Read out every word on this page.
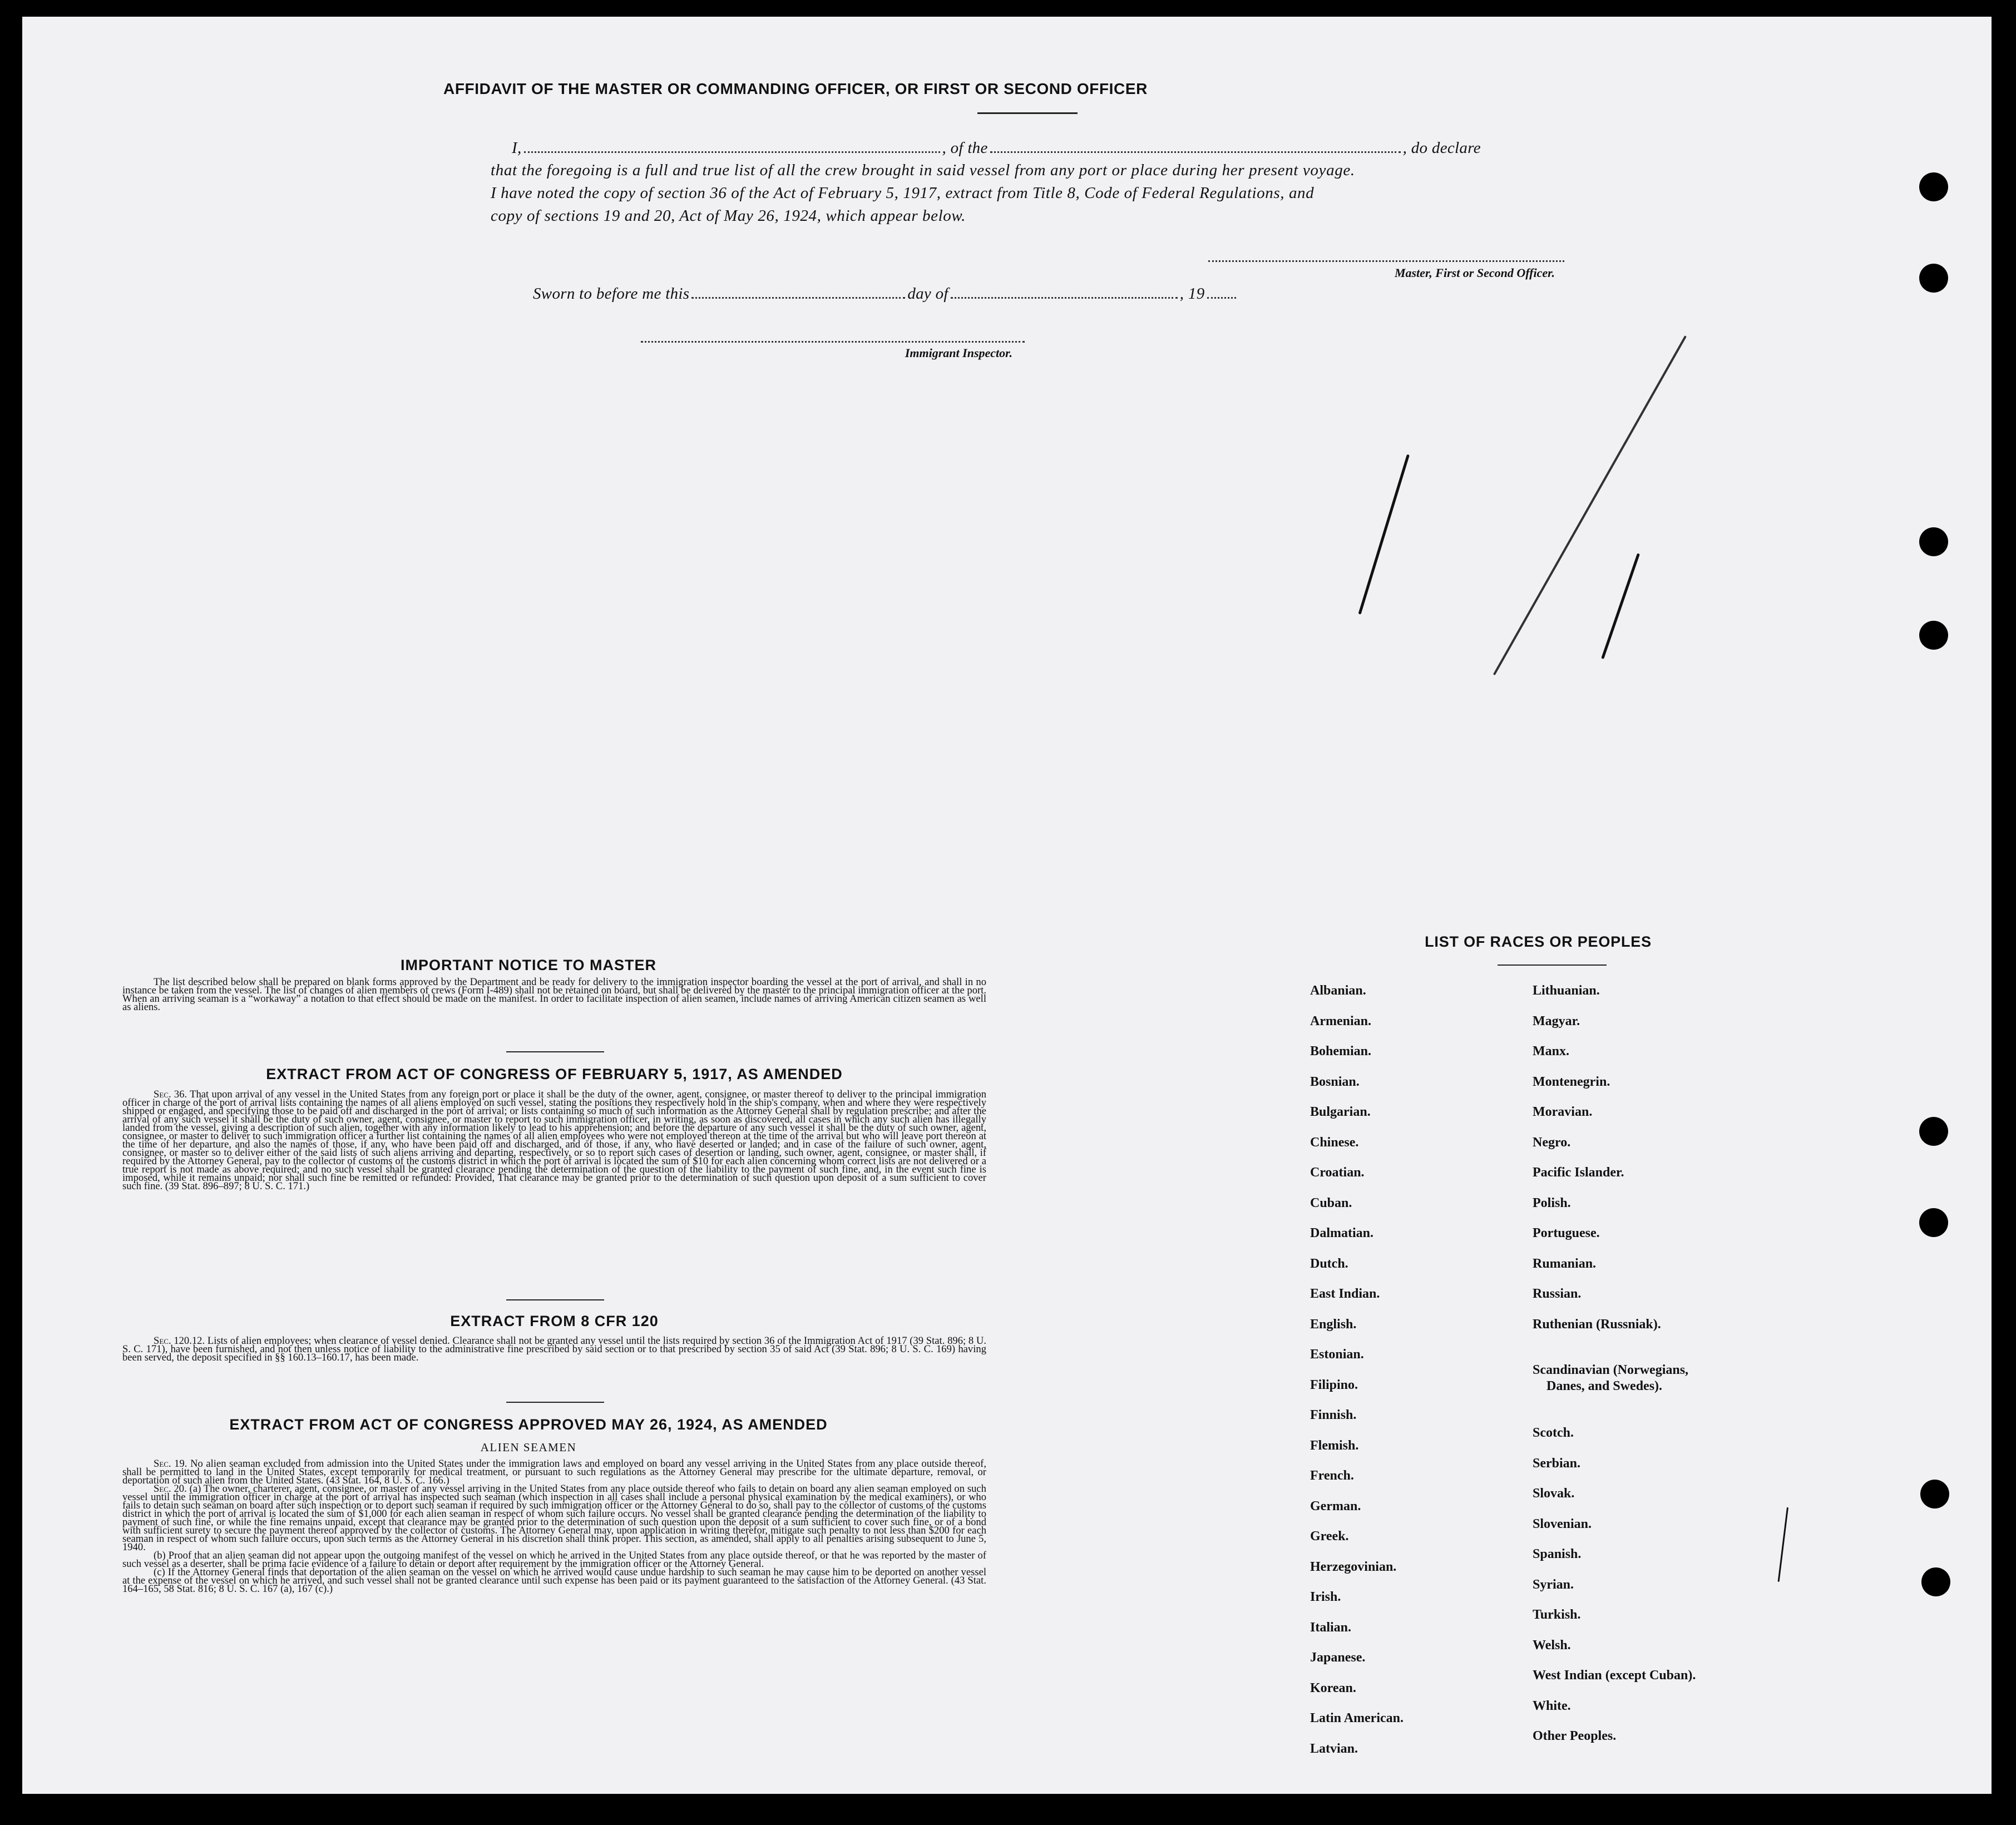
AFFIDAVIT OF THE MASTER OR COMMANDING OFFICER, OR FIRST OR SECOND OFFICER
I,	, of the	, do declare
that the foregoing is a full and true list of all the crew brought in said vessel from any port or place during her present voyage.
I have noted the copy of section 36 of the Act of February 5, 1917, extract from Title 8, Code of Federal Regulations, and
copy of sections 19 and 20, Act of May 26, 1924, which appear below.
Master, First or Second Officer.
Sworn to before me this	day of	, 19
Immigrant Inspector.
IMPORTANT NOTICE TO MASTER

The list described below shall be prepared on blank forms approved by the Department and be ready for delivery to the immigration inspector boarding the vessel at the port of arrival, and shall in no instance be taken from the vessel. The list of changes of alien members of crews (Form I-489) shall not be retained on board, but shall be delivered by the master to the principal immigration officer at the port. When an arriving seaman is a “workaway” a notation to that effect should be made on the manifest. In order to facilitate inspection of alien seamen, include names of arriving American citizen seamen as well as aliens.

EXTRACT FROM ACT OF CONGRESS OF FEBRUARY 5, 1917, AS AMENDED

Sec. 36. That upon arrival of any vessel in the United States from any foreign port or place it shall be the duty of the owner, agent, consignee, or master thereof to deliver to the principal immigration officer in charge of the port of arrival lists containing the names of all aliens employed on such vessel, stating the positions they respectively hold in the ship's company, when and where they were respectively shipped or engaged, and specifying those to be paid off and discharged in the port of arrival; or lists containing so much of such information as the Attorney General shall by regulation prescribe; and after the arrival of any such vessel it shall be the duty of such owner, agent, consignee, or master to report to such immigration officer, in writing, as soon as discovered, all cases in which any such alien has illegally landed from the vessel, giving a description of such alien, together with any information likely to lead to his apprehension; and before the departure of any such vessel it shall be the duty of such owner, agent, consignee, or master to deliver to such immigration officer a further list containing the names of all alien employees who were not employed thereon at the time of the arrival but who will leave port thereon at the time of her departure, and also the names of those, if any, who have been paid off and discharged, and of those, if any, who have deserted or landed; and in case of the failure of such owner, agent, consignee, or master so to deliver either of the said lists of such aliens arriving and departing, respectively, or so to report such cases of desertion or landing, such owner, agent, consignee, or master shall, if required by the Attorney General, pay to the collector of customs of the customs district in which the port of arrival is located the sum of $10 for each alien concerning whom correct lists are not delivered or a true report is not made as above required; and no such vessel shall be granted clearance pending the determination of the question of the liability to the payment of such fine, and, in the event such fine is imposed, while it remains unpaid; nor shall such fine be remitted or refunded: Provided, That clearance may be granted prior to the determination of such question upon deposit of a sum sufficient to cover such fine. (39 Stat. 896–897; 8 U. S. C. 171.)

EXTRACT FROM 8 CFR 120

Sec. 120.12. Lists of alien employees; when clearance of vessel denied. Clearance shall not be granted any vessel until the lists required by section 36 of the Immigration Act of 1917 (39 Stat. 896; 8 U. S. C. 171), have been furnished, and not then unless notice of liability to the administrative fine prescribed by said section or to that prescribed by section 35 of said Act (39 Stat. 896; 8 U. S. C. 169) having been served, the deposit specified in §§ 160.13–160.17, has been made.

EXTRACT FROM ACT OF CONGRESS APPROVED MAY 26, 1924, AS AMENDED
ALIEN SEAMEN

Sec. 19. No alien seaman excluded from admission into the United States under the immigration laws and employed on board any vessel arriving in the United States from any place outside thereof, shall be permitted to land in the United States, except temporarily for medical treatment, or pursuant to such regulations as the Attorney General may prescribe for the ultimate departure, removal, or deportation of such alien from the United States. (43 Stat. 164, 8 U. S. C. 166.)

Sec. 20. (a) The owner, charterer, agent, consignee, or master of any vessel arriving in the United States from any place outside thereof who fails to detain on board any alien seaman employed on such vessel until the immigration officer in charge at the port of arrival has inspected such seaman (which inspection in all cases shall include a personal physical examination by the medical examiners), or who fails to detain such seaman on board after such inspection or to deport such seaman if required by such immigration officer or the Attorney General to do so, shall pay to the collector of customs of the customs district in which the port of arrival is located the sum of $1,000 for each alien seaman in respect of whom such failure occurs. No vessel shall be granted clearance pending the determination of the liability to payment of such fine, or while the fine remains unpaid, except that clearance may be granted prior to the determination of such question upon the deposit of a sum sufficient to cover such fine, or of a bond with sufficient surety to secure the payment thereof approved by the collector of customs. The Attorney General may, upon application in writing therefor, mitigate such penalty to not less than $200 for each seaman in respect of whom such failure occurs, upon such terms as the Attorney General in his discretion shall think proper. This section, as amended, shall apply to all penalties arising subsequent to June 5, 1940.

(b) Proof that an alien seaman did not appear upon the outgoing manifest of the vessel on which he arrived in the United States from any place outside thereof, or that he was reported by the master of such vessel as a deserter, shall be prima facie evidence of a failure to detain or deport after requirement by the immigration officer or the Attorney General.

(c) If the Attorney General finds that deportation of the alien seaman on the vessel on which he arrived would cause undue hardship to such seaman he may cause him to be deported on another vessel at the expense of the vessel on which he arrived, and such vessel shall not be granted clearance until such expense has been paid or its payment guaranteed to the satisfaction of the Attorney General. (43 Stat. 164–165, 58 Stat. 816; 8 U. S. C. 167 (a), 167 (c).)

LIST OF RACES OR PEOPLES
Albanian.
Armenian.
Bohemian.
Bosnian.
Bulgarian.
Chinese.
Croatian.
Cuban.
Dalmatian.
Dutch.
East Indian.
English.
Estonian.
Filipino.
Finnish.
Flemish.
French.
German.
Greek.
Herzegovinian.
Irish.
Italian.
Japanese.
Korean.
Latin American.
Latvian.
Lithuanian.
Magyar.
Manx.
Montenegrin.
Moravian.
Negro.
Pacific Islander.
Polish.
Portuguese.
Rumanian.
Russian.
Ruthenian (Russniak).
Scandinavian (Norwegians,
Danes, and Swedes).
Scotch.
Serbian.
Slovak.
Slovenian.
Spanish.
Syrian.
Turkish.
Welsh.
West Indian (except Cuban).
White.
Other Peoples.
